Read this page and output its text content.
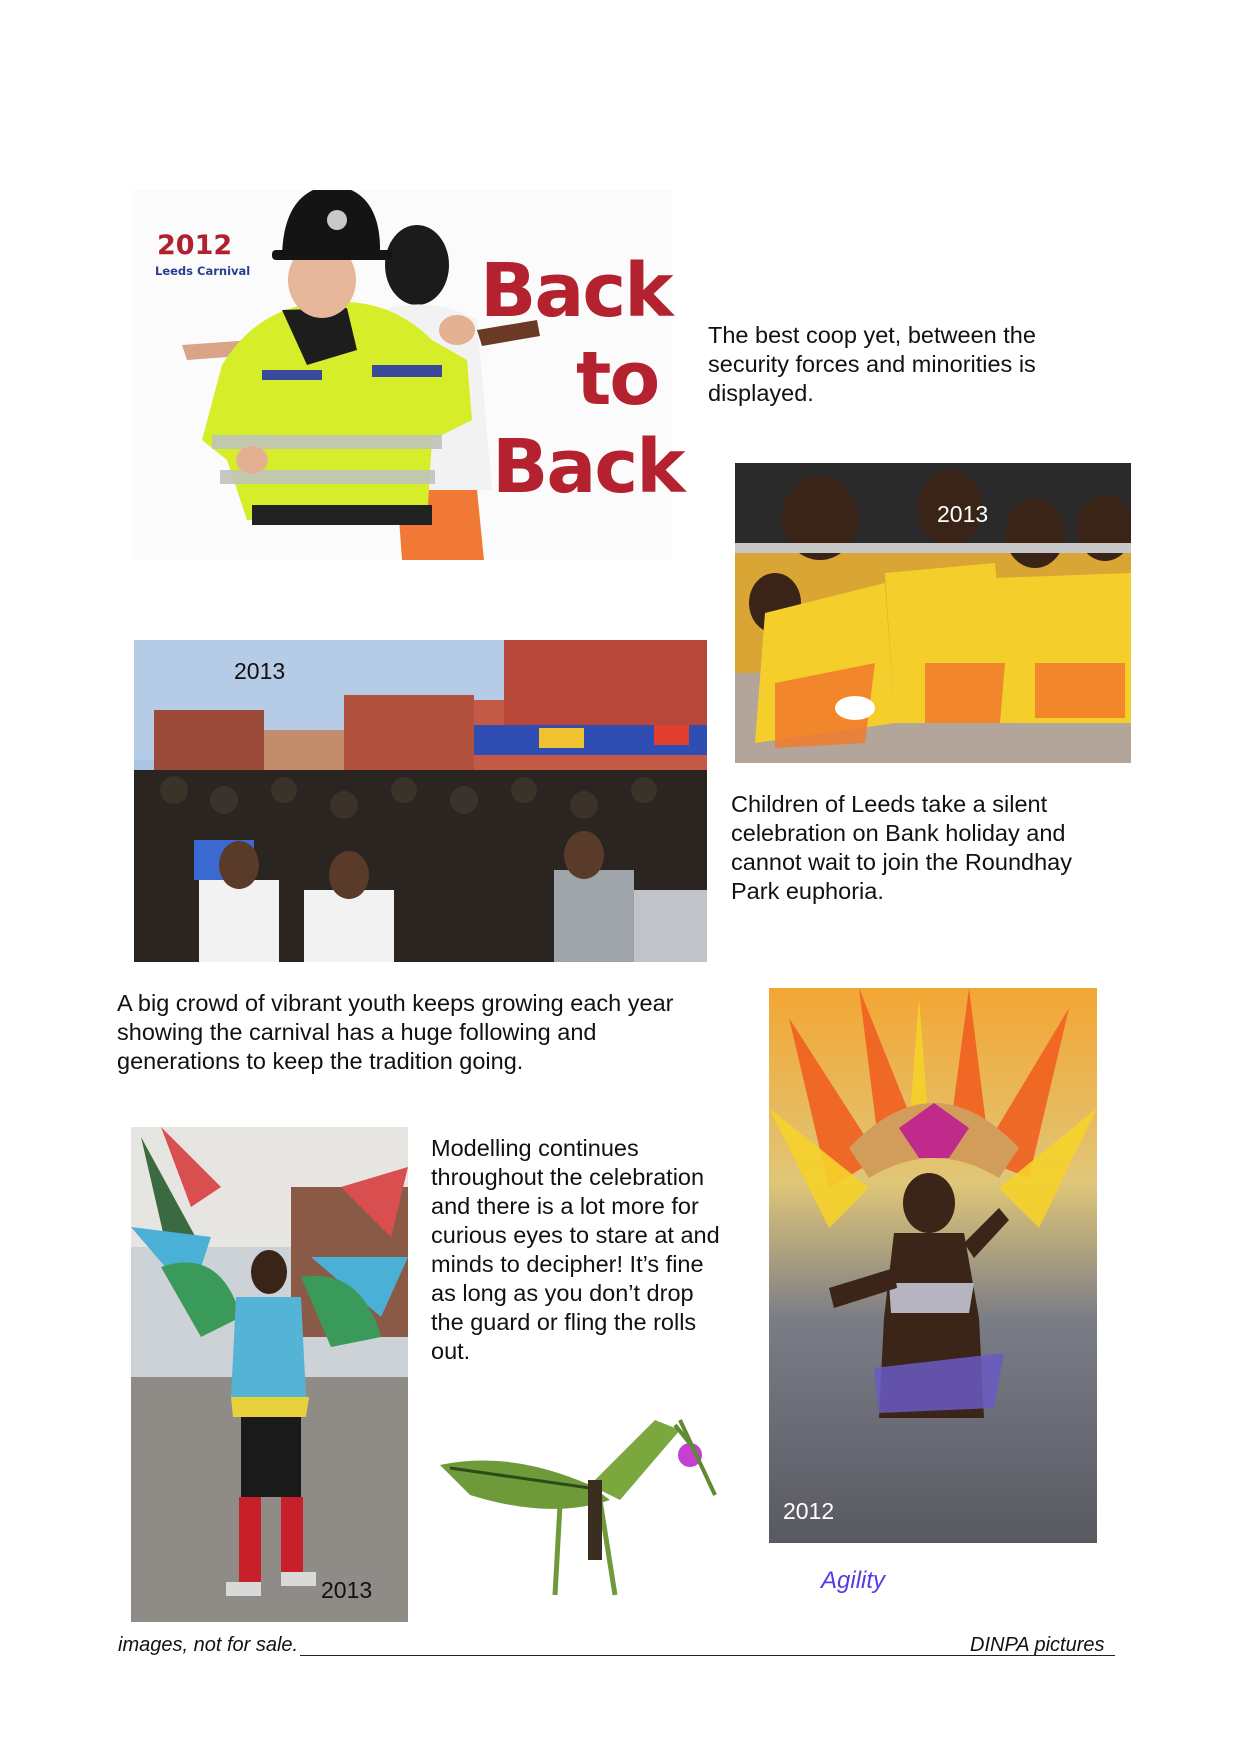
2012
Leeds Carnival	Back
to
Back
The best coop yet, between the
security forces and minorities is
displayed.
2013
Children of Leeds take a silent
celebration on Bank holiday and
cannot wait to join the Roundhay
Park euphoria.
2013
A big crowd of vibrant youth keeps growing each year
showing the carnival has a huge following and
generations to keep the tradition going.
2013
Modelling continues
throughout the celebration
and there is a lot more for
curious eyes to stare at and
minds to decipher! It’s fine
as long as you don’t drop
the guard or fling the rolls
out.
2012
Agility
images, not for sale.	DINPA pictures
